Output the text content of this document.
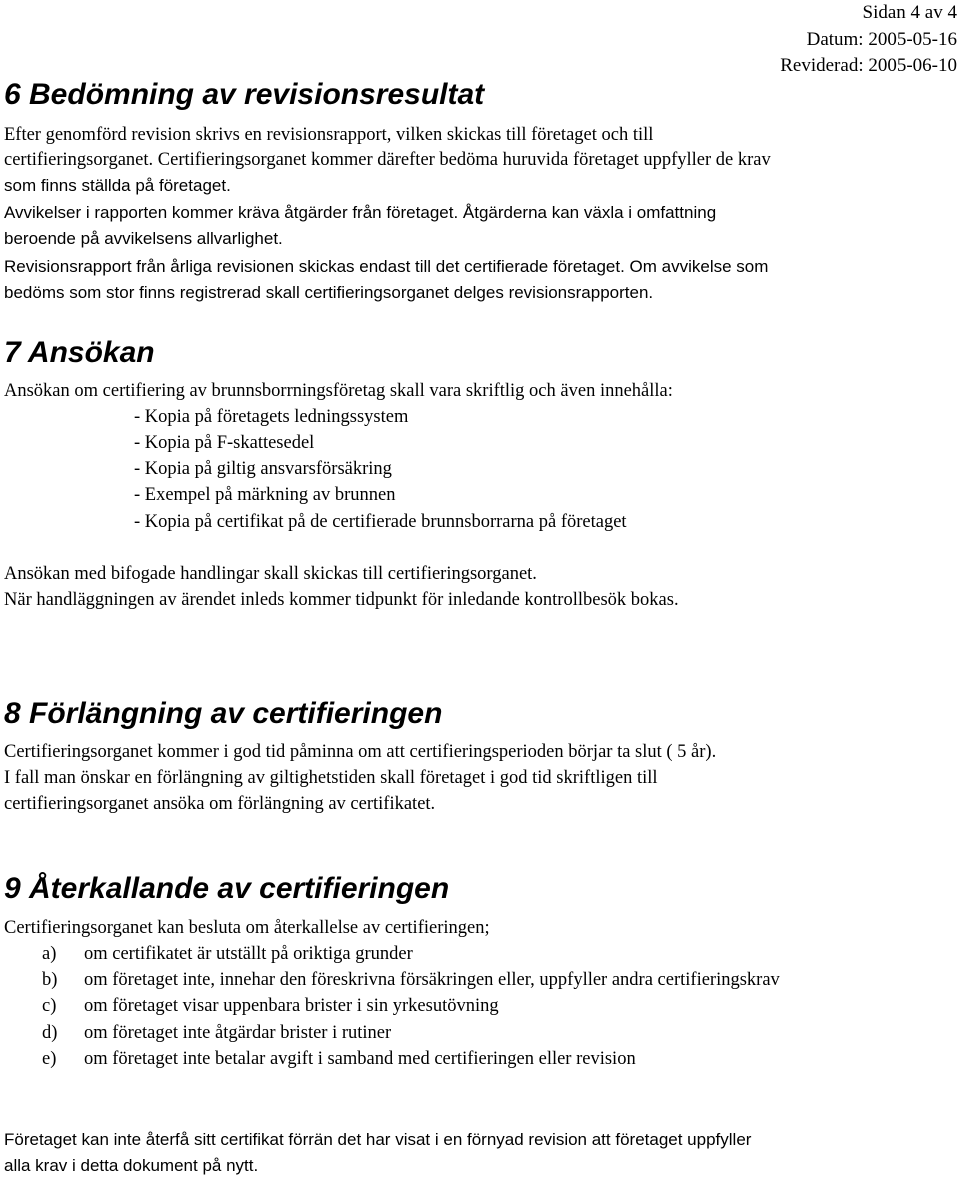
Sidan 4 av 4
Datum: 2005-05-16
Reviderad: 2005-06-10
6 Bedömning av revisionsresultat
Efter genomförd revision skrivs en revisionsrapport, vilken skickas till företaget och till
certifieringsorganet. Certifieringsorganet kommer därefter bedöma huruvida företaget uppfyller de krav
som finns ställda på företaget.
Avvikelser i rapporten kommer kräva åtgärder från företaget. Åtgärderna kan växla i omfattning
beroende på avvikelsens allvarlighet.
Revisionsrapport från årliga revisionen skickas endast till det certifierade företaget. Om avvikelse som
bedöms som stor finns registrerad skall certifieringsorganet delges revisionsrapporten.
7 Ansökan
Ansökan om certifiering av brunnsborrningsföretag skall vara skriftlig och även innehålla:
- Kopia på företagets ledningssystem
- Kopia på F-skattesedel
- Kopia på giltig ansvarsförsäkring
- Exempel på märkning av brunnen
- Kopia på certifikat på de certifierade brunnsborrarna på företaget
Ansökan med bifogade handlingar skall skickas till certifieringsorganet.
När handläggningen av ärendet inleds kommer tidpunkt för inledande kontrollbesök bokas.
8 Förlängning av certifieringen
Certifieringsorganet kommer i god tid påminna om att certifieringsperioden börjar ta slut ( 5 år).
I fall man önskar en förlängning av giltighetstiden skall företaget i god tid skriftligen till
certifieringsorganet ansöka om förlängning av certifikatet.
9 Återkallande av certifieringen
Certifieringsorganet kan besluta om återkallelse av certifieringen;
a) om certifikatet är utställt på oriktiga grunder
b) om företaget inte, innehar den föreskrivna försäkringen eller, uppfyller andra certifieringskrav
c) om företaget visar uppenbara brister i sin yrkesutövning
d) om företaget inte åtgärdar brister i rutiner
e) om företaget inte betalar avgift i samband med certifieringen eller revision
Företaget kan inte återfå sitt certifikat förrän det har visat i en förnyad revision att företaget uppfyller
alla krav i detta dokument på nytt.
